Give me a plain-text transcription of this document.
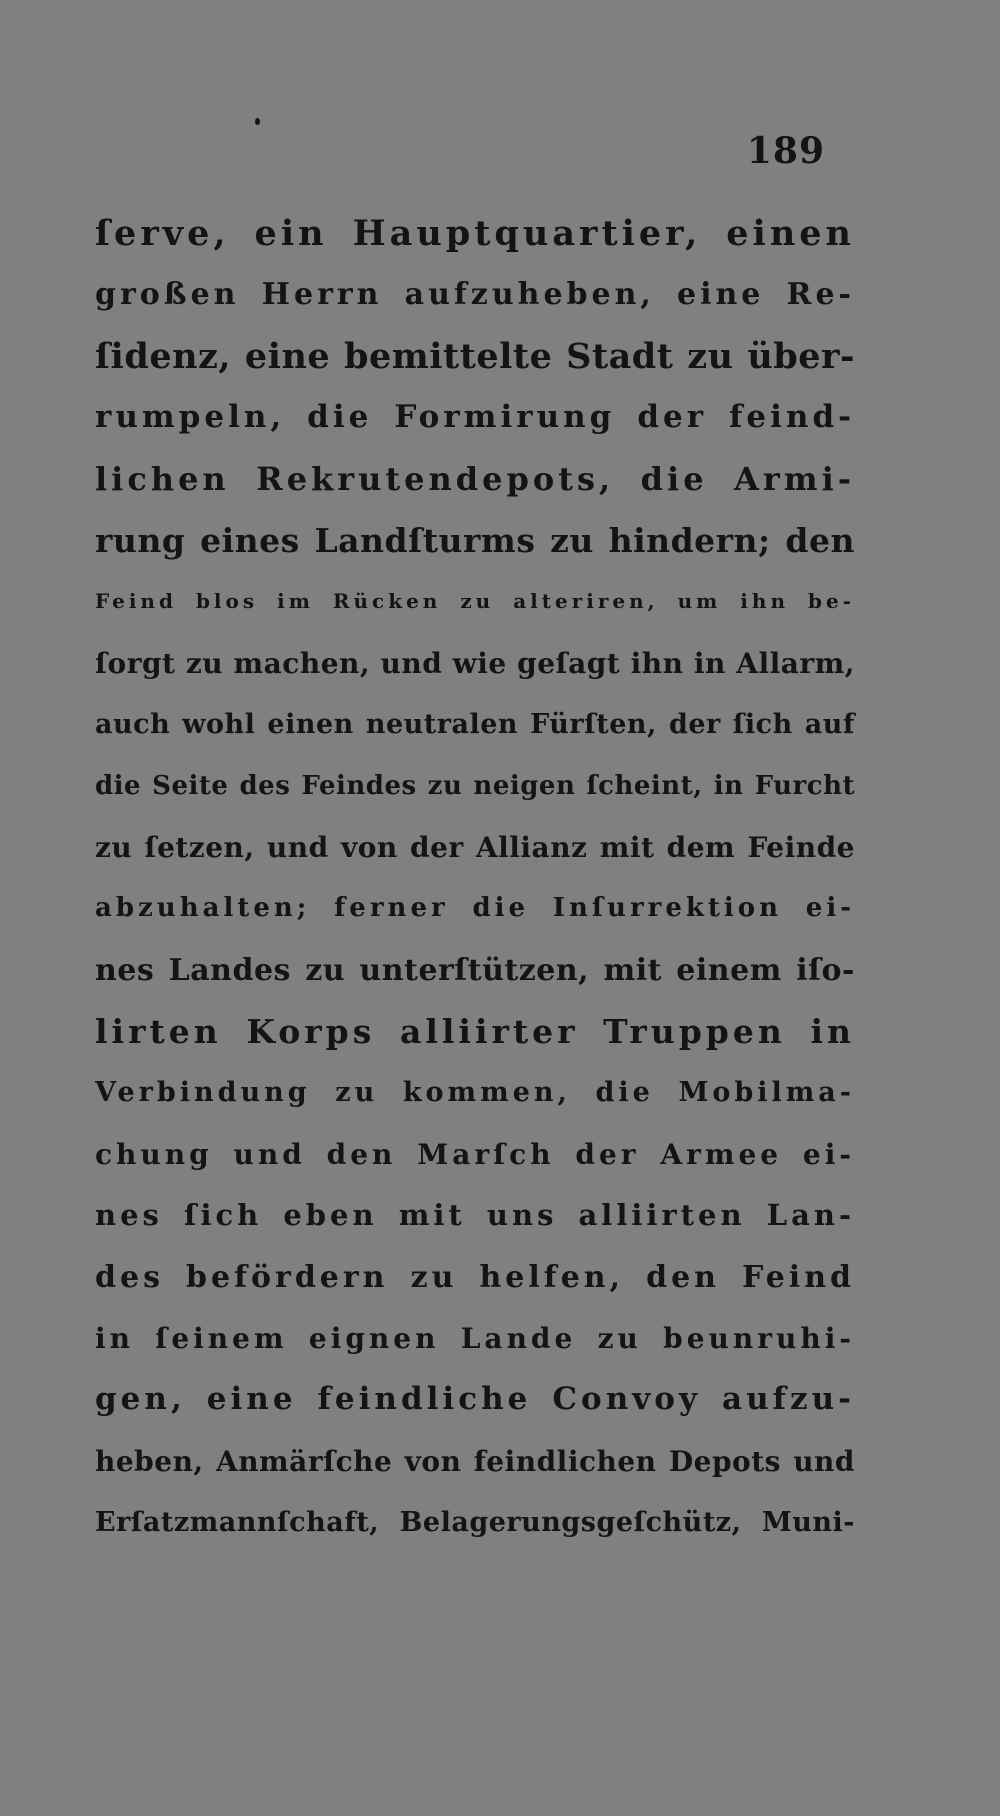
189
ſerve, ein Hauptquartier, einen
großen Herrn aufzuheben, eine Re-
ſidenz, eine bemittelte Stadt zu über-
rumpeln, die Formirung der feind-
lichen Rekrutendepots, die Armi-
rung eines Landſturms zu hindern; den
Feind blos im Rücken zu alteriren, um ihn be-
ſorgt zu machen, und wie geſagt ihn in Allarm,
auch wohl einen neutralen Fürſten, der ſich auf
die Seite des Feindes zu neigen ſcheint, in Furcht
zu ſetzen, und von der Allianz mit dem Feinde
abzuhalten; ferner die Inſurrektion ei-
nes Landes zu unterſtützen, mit einem iſo-
lirten Korps alliirter Truppen in
Verbindung zu kommen, die Mobilma-
chung und den Marſch der Armee ei-
nes ſich eben mit uns alliirten Lan-
des befördern zu helfen, den Feind
in ſeinem eignen Lande zu beunruhi-
gen, eine feindliche Convoy aufzu-
heben, Anmärſche von feindlichen Depots und
Erſatzmannſchaft, Belagerungsgeſchütz, Muni-
